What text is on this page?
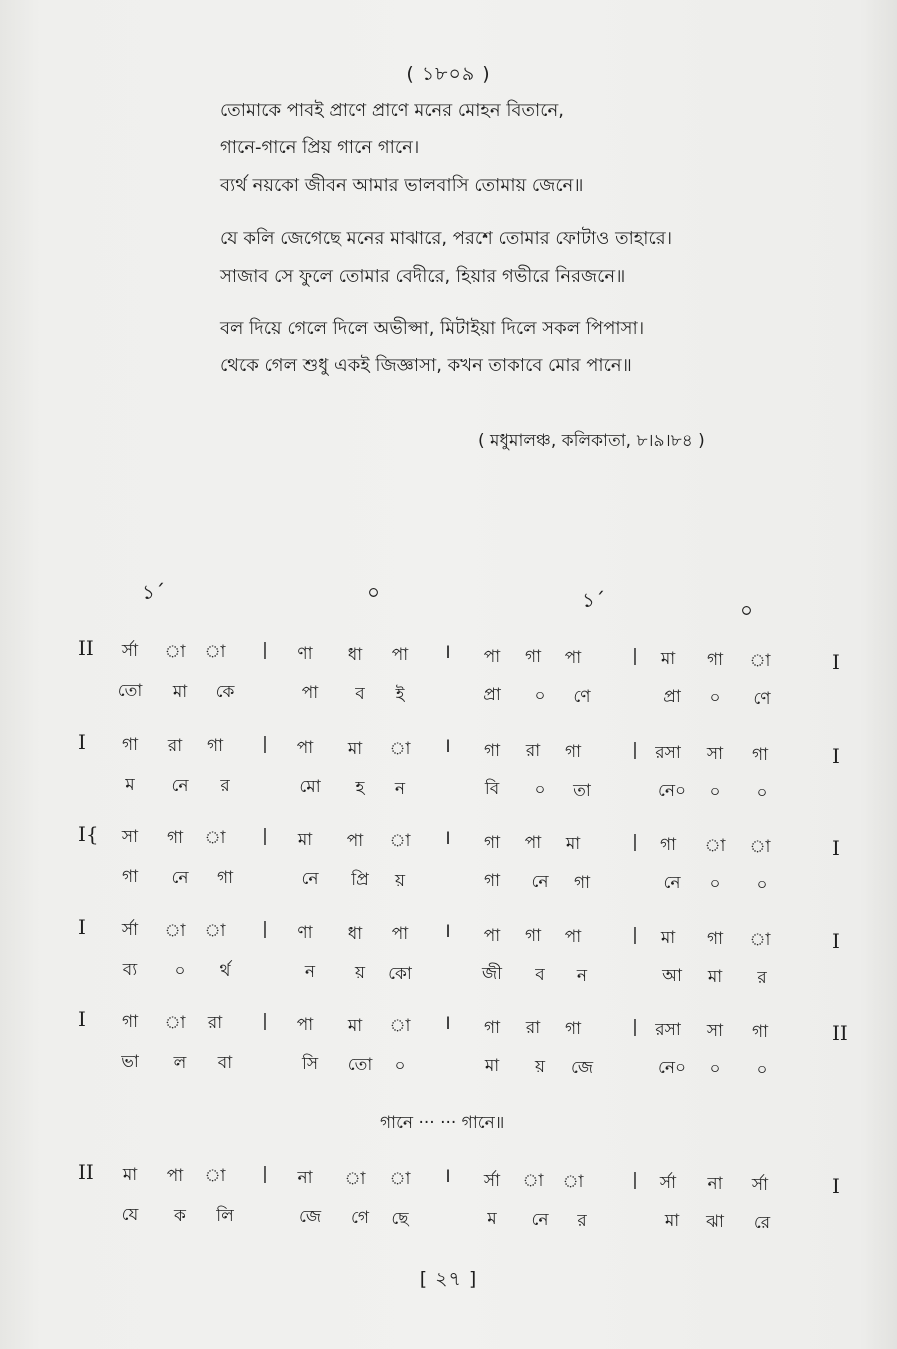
( ১৮০৯ )
তোমাকে পাবই প্রাণে প্রাণে মনের মোহন বিতানে,
গানে-গানে প্রিয় গানে গানে।
ব্যর্থ নয়কো জীবন আমার ভালবাসি তোমায় জেনে॥
যে কলি জেগেছে মনের মাঝারে, পরশে তোমার ফোটাও তাহারে।
সাজাব সে ফুলে তোমার বেদীরে, হিয়ার গভীরে নিরজনে॥
বল দিয়ে গেলে দিলে অভীপ্সা, মিটাইয়া দিলে সকল পিপাসা।
থেকে গেল শুধু একই জিজ্ঞাসা, কখন তাকাবে মোর পানে॥
( মধুমালঞ্চ, কলিকাতা, ৮।৯।৮৪ )
১´	০	১´	০
II	র্সা	া	া	|	ণা	ধা	পা	I	পা	গা	পা	|	মা	গা	া	I
তো	মা	কে	পা	ব	ই	প্রা	০	ণে	প্রা	০	ণে
I	গা	রা	গা	|	পা	মা	া	I	গা	রা	গা	|	রসা	সা	গা	I
ম	নে	র	মো	হ	ন	বি	০	তা	নে০	০	০
I{	সা	গা	া	|	মা	পা	া	I	গা	পা	মা	|	গা	া	া	I
গা	নে	গা	নে	প্রি	য়	গা	নে	গা	নে	০	০
I	র্সা	া	া	|	ণা	ধা	পা	I	পা	গা	পা	|	মা	গা	া	I
ব্য	০	র্থ	ন	য়	কো	জী	ব	ন	আ	মা	র
I	গা	া	রা	|	পা	মা	া	I	গা	রা	গা	|	রসা	সা	গা	II
ভা	ল	বা	সি	তো	০	মা	য়	জে	নে০	০	০
II	মা	পা	া	|	না	া	া	I	র্সা	া	া	|	র্সা	না	র্সা	I
যে	ক	লি	জে	গে	ছে	ম	নে	র	মা	ঝা	রে
গানে ··· ··· গানে॥
[ ২৭ ]
